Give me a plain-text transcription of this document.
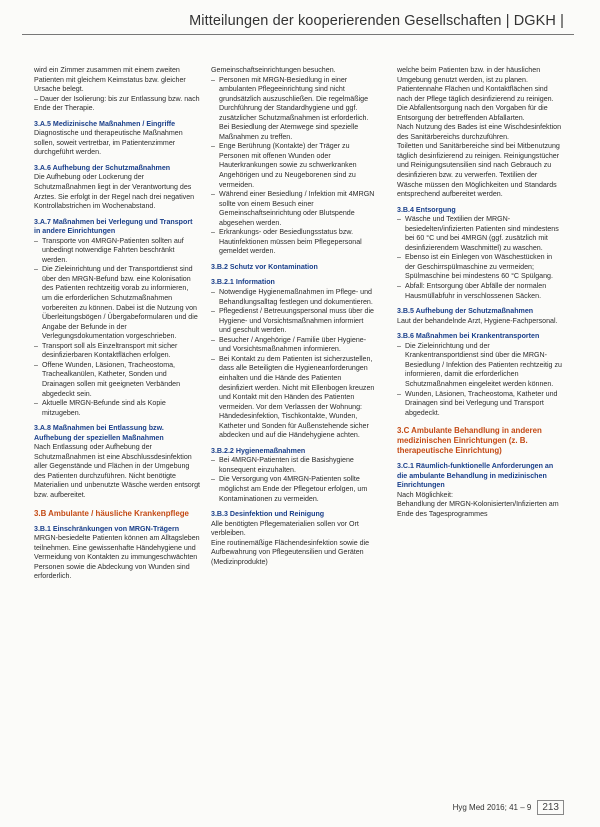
Mitteilungen der kooperierenden Gesellschaften | DGKH |

wird ein Zimmer zusammen mit einem zweiten Patienten mit gleichem Keimstatus bzw. gleicher Ursache belegt.

– Dauer der Isolierung: bis zur Entlassung bzw. nach Ende der Therapie.

3.A.5 Medizinische Maßnahmen / Eingriffe

Diagnostische und therapeutische Maßnahmen sollen, soweit vertretbar, im Patientenzimmer durchgeführt werden.

3.A.6 Aufhebung der Schutzmaßnahmen

Die Aufhebung oder Lockerung der Schutzmaßnahmen liegt in der Verantwortung des Arztes. Sie erfolgt in der Regel nach drei negativen Kontrollabstrichen im Wochenabstand.

3.A.7 Maßnahmen bei Verlegung und Transport in andere Einrichtungen

– Transporte von 4MRGN-Patienten sollten auf unbedingt notwendige Fahrten beschränkt werden.
– Die Zieleinrichtung und der Transportdienst sind über den MRGN-Befund bzw. eine Kolonisation des Patienten rechtzeitig vorab zu informieren, um die erforderlichen Schutzmaßnahmen vorbereiten zu können. Dabei ist die Nutzung von Überleitungsbögen / Übergabeformularen und die Angabe der Befunde in der Verlegungsdokumentation vorgeschrieben.
– Transport soll als Einzeltransport mit sicher desinfizierbaren Kontaktflächen erfolgen.
– Offene Wunden, Läsionen, Tracheostoma, Trachealkanülen, Katheter, Sonden und Drainagen sollen mit geeigneten Verbänden abgedeckt sein.
– Aktuelle MRGN-Befunde sind als Kopie mitzugeben.

3.A.8 Maßnahmen bei Entlassung bzw. Aufhebung der speziellen Maßnahmen

Nach Entlassung oder Aufhebung der Schutzmaßnahmen ist eine Abschlussdesinfektion aller Gegenstände und Flächen in der Umgebung des Patienten durchzuführen. Nicht benötigte Materialien und unbenutzte Wäsche werden entsorgt bzw. aufbereitet.

3.B Ambulante / häusliche Krankenpflege

3.B.1 Einschränkungen von MRGN-Trägern

MRGN-besiedelte Patienten können am Alltagsleben teilnehmen. Eine gewissenhafte Händehygiene und Vermeidung von Kontakten zu immungeschwächten Personen sowie die Abdeckung von Wunden sind erforderlich.

Gemeinschaftseinrichtungen besuchen.

– Personen mit MRGN-Besiedlung in einer ambulanten Pflegeeinrichtung sind nicht grundsätzlich auszuschließen. Die regelmäßige Durchführung der Standardhygiene und ggf. zusätzlicher Schutzmaßnahmen ist erforderlich. Bei Besiedlung der Atemwege sind spezielle Maßnahmen zu treffen.
– Enge Berührung (Kontakte) der Träger zu Personen mit offenen Wunden oder Hauterkrankungen sowie zu schwerkranken Angehörigen und zu Neugeborenen sind zu vermeiden.
– Während einer Besiedlung / Infektion mit 4MRGN sollte von einem Besuch einer Gemeinschaftseinrichtung oder Blutspende abgesehen werden.
– Erkrankungs- oder Besiedlungsstatus bzw. Hautinfektionen müssen beim Pflegepersonal gemeldet werden.

3.B.2 Schutz vor Kontamination

3.B.2.1 Information

– Notwendige Hygienemaßnahmen im Pflege- und Behandlungsalltag festlegen und dokumentieren.
– Pflegedienst / Betreuungspersonal muss über die Hygiene- und Vorsichtsmaßnahmen informiert und geschult werden.
– Besucher / Angehörige / Familie über Hygiene- und Vorsichtsmaßnahmen informieren.
– Bei Kontakt zu dem Patienten ist sicherzustellen, dass alle Beteiligten die Hygieneanforderungen einhalten und die Hände des Patienten desinfiziert werden. Nicht mit Ellenbogen kreuzen und Kontakt mit den Händen des Patienten vermeiden. Vor dem Verlassen der Wohnung: Händedesinfektion, Tischkontakte, Wunden, Katheter und Sonden für Außenstehende sicher abdecken und auf die Händehygiene achten.

3.B.2.2 Hygienemaßnahmen

– Bei 4MRGN-Patienten ist die Basishygiene konsequent einzuhalten.
– Die Versorgung von 4MRGN-Patienten sollte möglichst am Ende der Pflegetour erfolgen, um Kontaminationen zu vermeiden.

3.B.3 Desinfektion und Reinigung

Alle benötigten Pflegematerialien sollen vor Ort verbleiben.

Eine routinemäßige Flächendesinfektion sowie die Aufbewahrung von Pflegeutensilien und Geräten (Medizinprodukte)

welche beim Patienten bzw. in der häuslichen Umgebung genutzt werden, ist zu planen. Patientennahe Flächen und Kontaktflächen sind nach der Pflege täglich desinfizierend zu reinigen. Die Abfallentsorgung nach den Vorgaben für die Entsorgung der betreffenden Abfallarten.

Nach Nutzung des Bades ist eine Wischdesinfektion des Sanitärbereichs durchzuführen.

Toiletten und Sanitärbereiche sind bei Mitbenutzung täglich desinfizierend zu reinigen. Reinigungstücher und Reinigungsutensilien sind nach Gebrauch zu desinfizieren bzw. zu verwerfen. Textilien der Wäsche müssen den Möglichkeiten und Standards entsprechend aufbereitet werden.

3.B.4 Entsorgung

– Wäsche und Textilien der MRGN-besiedelten/infizierten Patienten sind mindestens bei 60 °C und bei 4MRGN (ggf. zusätzlich mit desinfizierendem Waschmittel) zu waschen.
– Ebenso ist ein Einlegen von Wäschestücken in der Geschirrspülmaschine zu vermeiden; Spülmaschine bei mindestens 60 °C Spülgang.
– Abfall: Entsorgung über Abfälle der normalen Hausmüllabfuhr in verschlossenen Säcken.

3.B.5 Aufhebung der Schutzmaßnahmen

Laut der behandelnde Arzt, Hygiene-Fachpersonal.

3.B.6 Maßnahmen bei Krankentransporten

– Die Zieleinrichtung und der Krankentransportdienst sind über die MRGN-Besiedlung / Infektion des Patienten rechtzeitig zu informieren, damit die erforderlichen Schutzmaßnahmen eingeleitet werden können.
– Wunden, Läsionen, Tracheostoma, Katheter und Drainagen sind bei Verlegung und Transport abgedeckt.

3.C Ambulante Behandlung in anderen medizinischen Einrichtungen (z. B. therapeutische Einrichtung)

3.C.1 Räumlich-funktionelle Anforderungen an die ambulante Behandlung in medizinischen Einrichtungen

Nach Möglichkeit:

Behandlung der MRGN-Kolonisierten/Infizierten am Ende des Tagesprogrammes

Hyg Med 2016; 41 – 9	213
